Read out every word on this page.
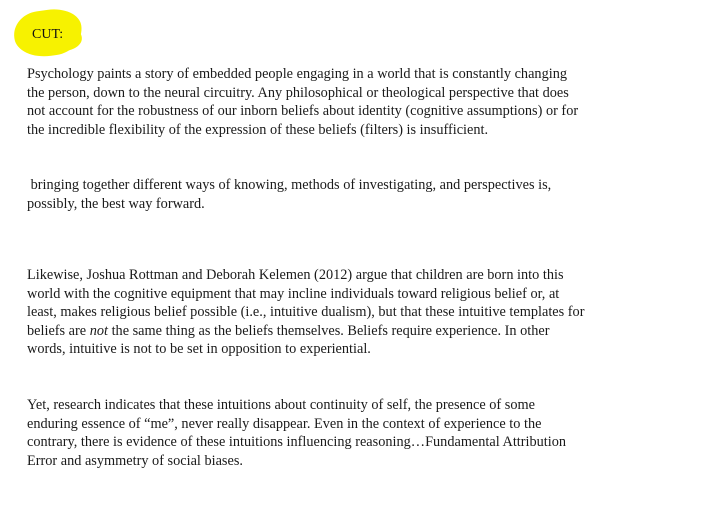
CUT:

Psychology paints a story of embedded people engaging in a world that is constantly changing
the person, down to the neural circuitry. Any philosophical or theological perspective that does
not account for the robustness of our inborn beliefs about identity (cognitive assumptions) or for
the incredible flexibility of the expression of these beliefs (filters) is insufficient.

bringing together different ways of knowing, methods of investigating, and perspectives is,
possibly, the best way forward.

Likewise, Joshua Rottman and Deborah Kelemen (2012) argue that children are born into this
world with the cognitive equipment that may incline individuals toward religious belief or, at
least, makes religious belief possible (i.e., intuitive dualism), but that these intuitive templates for
beliefs are not the same thing as the beliefs themselves. Beliefs require experience. In other
words, intuitive is not to be set in opposition to experiential.

Yet, research indicates that these intuitions about continuity of self, the presence of some
enduring essence of “me”, never really disappear. Even in the context of experience to the
contrary, there is evidence of these intuitions influencing reasoning…Fundamental Attribution
Error and asymmetry of social biases.
